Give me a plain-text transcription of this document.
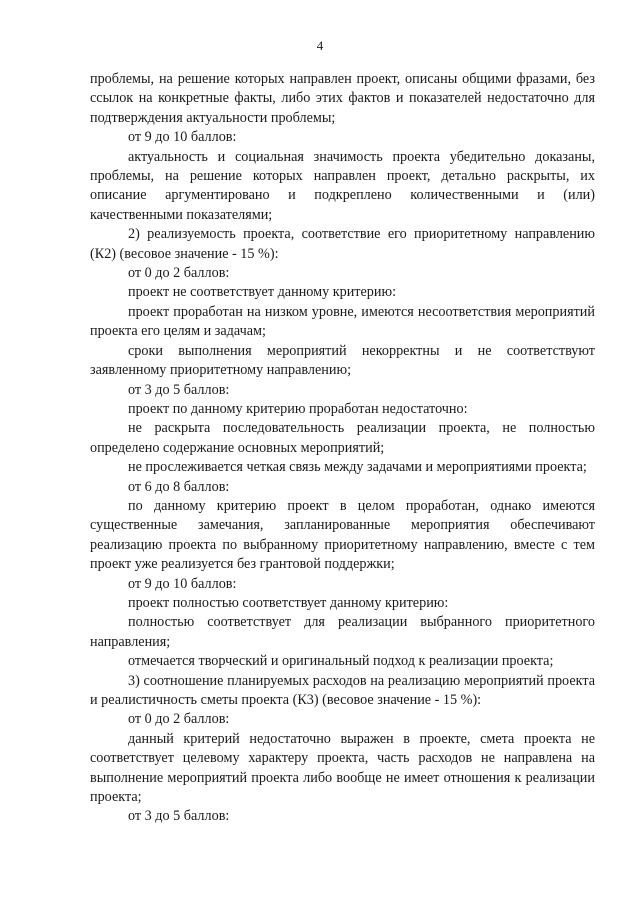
4

проблемы, на решение которых направлен проект, описаны общими фразами, без ссылок на конкретные факты, либо этих фактов и показателей недостаточно для подтверждения актуальности проблемы;

от 9 до 10 баллов:

актуальность и социальная значимость проекта убедительно доказаны, проблемы, на решение которых направлен проект, детально раскрыты, их описание аргументировано и подкреплено количественными и (или) качественными показателями;

2) реализуемость проекта, соответствие его приоритетному направлению (К2) (весовое значение - 15 %):

от 0 до 2 баллов:

проект не соответствует данному критерию:

проект проработан на низком уровне, имеются несоответствия мероприятий проекта его целям и задачам;

сроки выполнения мероприятий некорректны и не соответствуют заявленному приоритетному направлению;

от 3 до 5 баллов:

проект по данному критерию проработан недостаточно:

не раскрыта последовательность реализации проекта, не полностью определено содержание основных мероприятий;

не прослеживается четкая связь между задачами и мероприятиями проекта;

от 6 до 8 баллов:

по данному критерию проект в целом проработан, однако имеются существенные замечания, запланированные мероприятия обеспечивают реализацию проекта по выбранному приоритетному направлению, вместе с тем проект уже реализуется без грантовой поддержки;

от 9 до 10 баллов:

проект полностью соответствует данному критерию:

полностью соответствует для реализации выбранного приоритетного направления;

отмечается творческий и оригинальный подход к реализации проекта;

3) соотношение планируемых расходов на реализацию мероприятий проекта и реалистичность сметы проекта (К3) (весовое значение - 15 %):

от 0 до 2 баллов:

данный критерий недостаточно выражен в проекте, смета проекта не соответствует целевому характеру проекта, часть расходов не направлена на выполнение мероприятий проекта либо вообще не имеет отношения к реализации проекта;

от 3 до 5 баллов:
